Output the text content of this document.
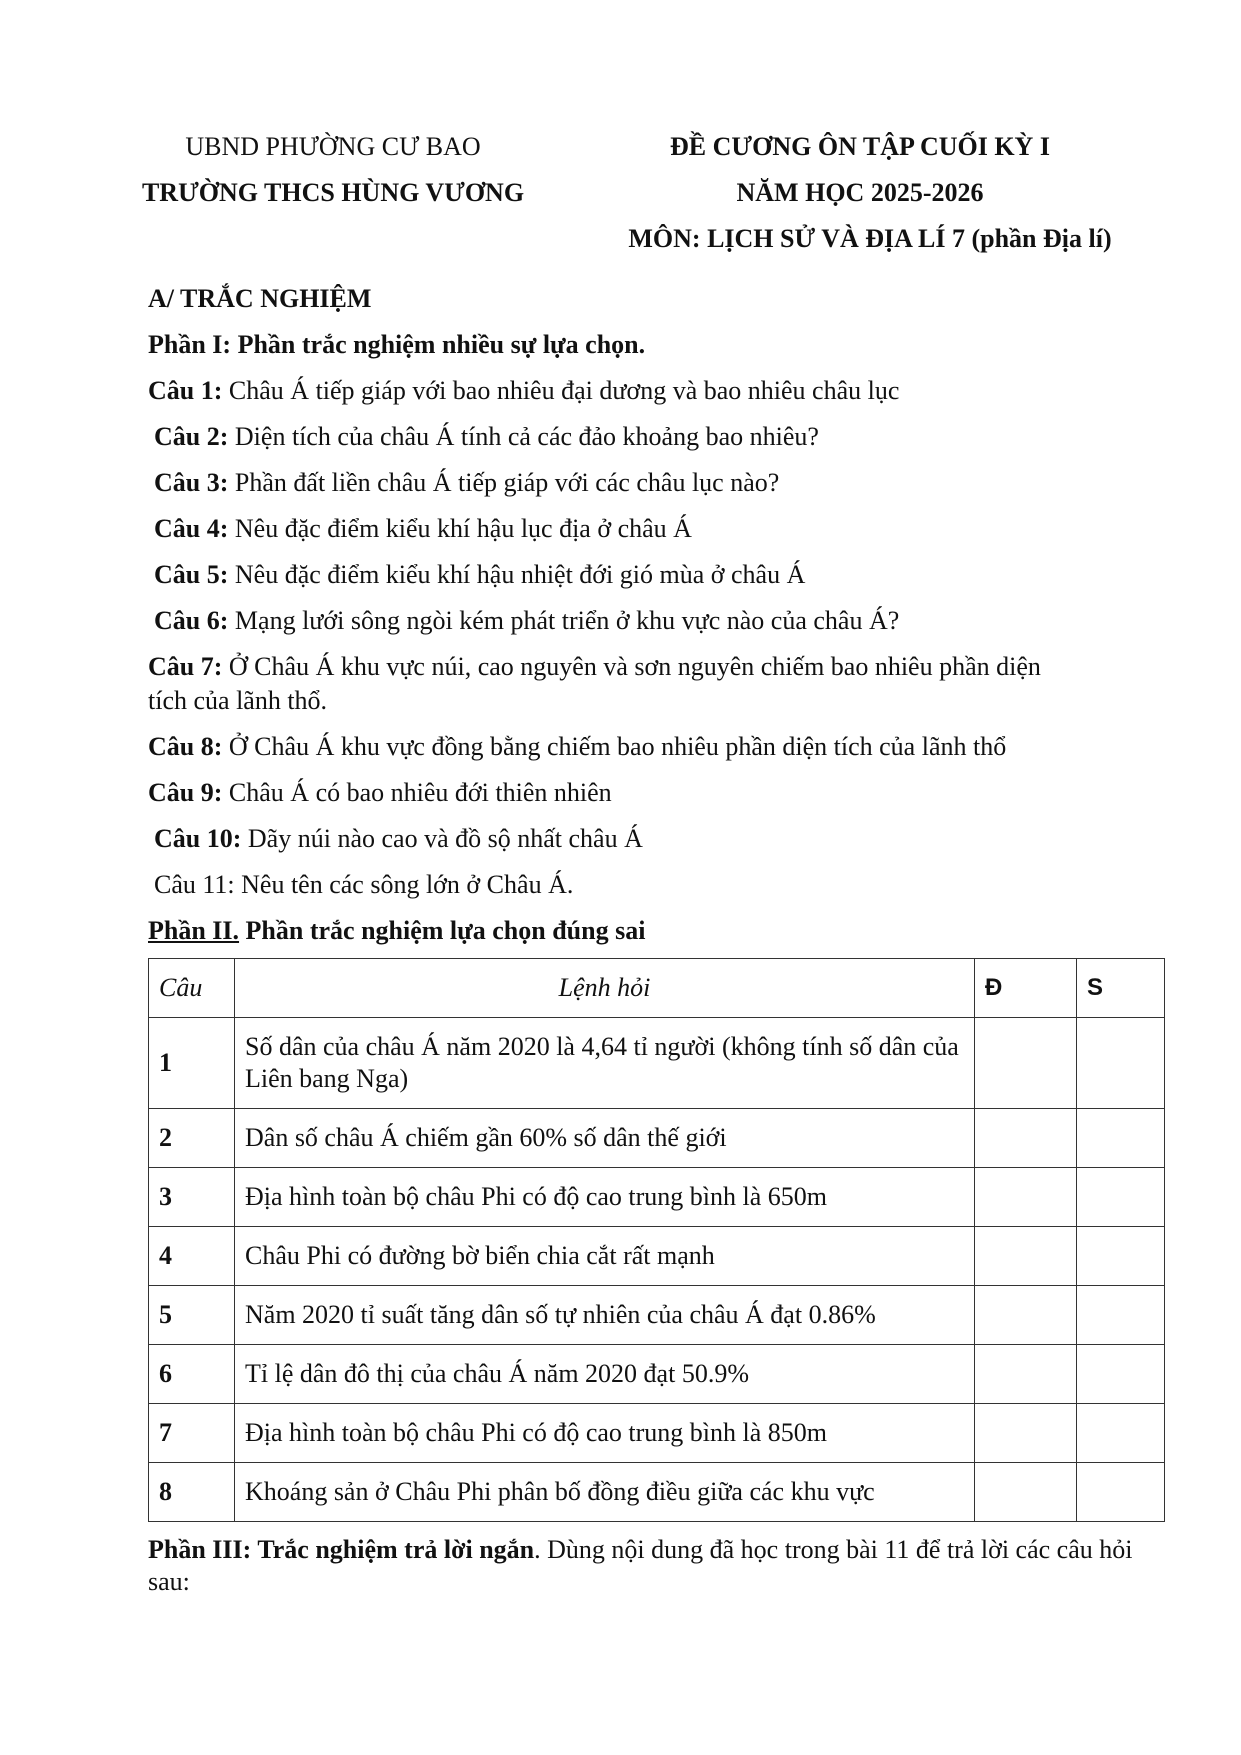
UBND PHƯỜNG CƯ BAO
TRƯỜNG THCS HÙNG VƯƠNG
ĐỀ CƯƠNG ÔN TẬP CUỐI KỲ I
NĂM HỌC 2025-2026
MÔN: LỊCH SỬ VÀ ĐỊA LÍ 7 (phần Địa lí)
A/ TRẮC NGHIỆM
Phần I: Phần trắc nghiệm nhiều sự lựa chọn.
Câu 1: Châu Á tiếp giáp với bao nhiêu đại dương và bao nhiêu châu lục
Câu 2: Diện tích của châu Á tính cả các đảo khoảng bao nhiêu?
Câu 3: Phần đất liền châu Á tiếp giáp với các châu lục nào?
Câu 4: Nêu đặc điểm kiểu khí hậu lục địa ở châu Á
Câu 5: Nêu đặc điểm kiểu khí hậu nhiệt đới gió mùa ở châu Á
Câu 6: Mạng lưới sông ngòi kém phát triển ở khu vực nào của châu Á?
Câu 7: Ở Châu Á khu vực núi, cao nguyên và sơn nguyên chiếm bao nhiêu phần diện
tích của lãnh thổ.
Câu 8: Ở Châu Á khu vực đồng bằng chiếm bao nhiêu phần diện tích của lãnh thổ
Câu 9: Châu Á có bao nhiêu đới thiên nhiên
Câu 10: Dãy núi nào cao và đồ sộ nhất châu Á
Câu 11: Nêu tên các sông lớn ở Châu Á.
Phần II. Phần trắc nghiệm lựa chọn đúng sai
Câu	Lệnh hỏi	Đ	S
1	Số dân của châu Á năm 2020 là 4,64 tỉ người (không tính số dân của Liên bang Nga)		
2	Dân số châu Á chiếm gần 60% số dân thế giới		
3	Địa hình toàn bộ châu Phi có độ cao trung bình là 650m		
4	Châu Phi có đường bờ biển chia cắt rất mạnh		
5	Năm 2020 tỉ suất tăng dân số tự nhiên của châu Á đạt 0.86%		
6	Tỉ lệ dân đô thị của châu Á năm 2020 đạt 50.9%		
7	Địa hình toàn bộ châu Phi có độ cao trung bình là 850m		
8	Khoáng sản ở Châu Phi phân bố đồng điều giữa các khu vực		
Phần III: Trắc nghiệm trả lời ngắn. Dùng nội dung đã học trong bài 11 để trả lời các câu hỏi sau:
